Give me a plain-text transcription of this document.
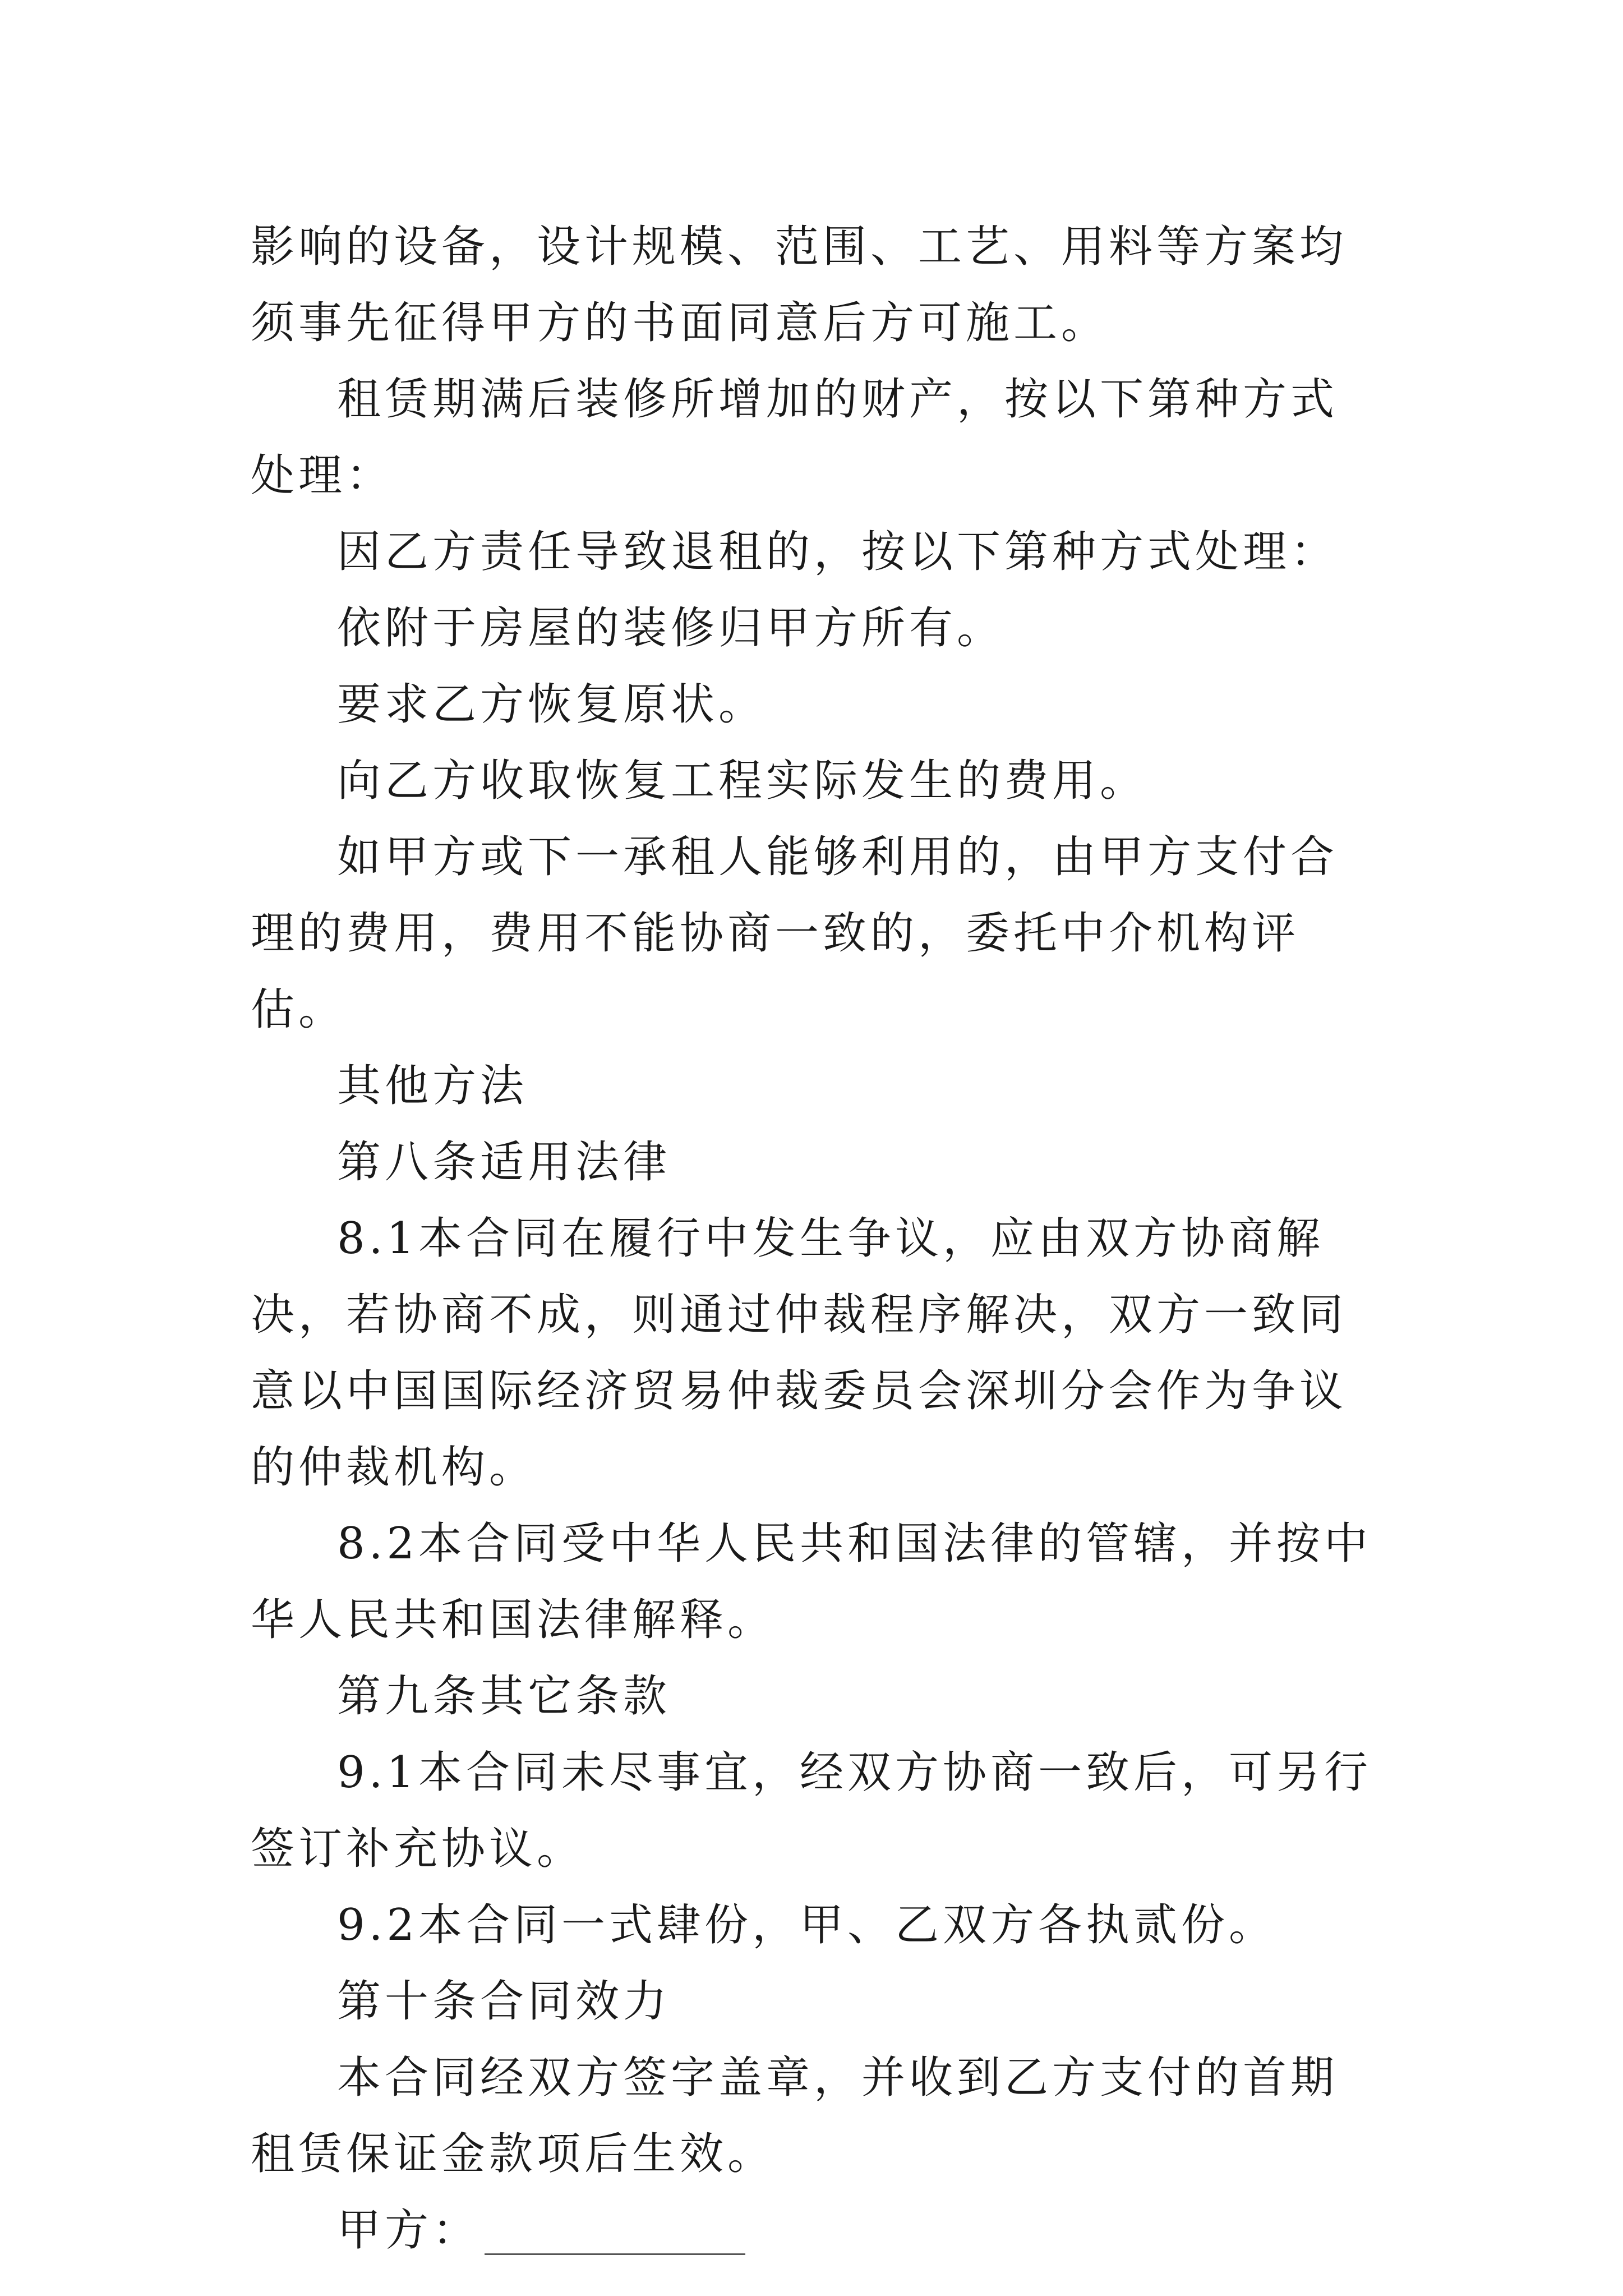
影响的设备，设计规模、范围、工艺、用料等方案均须事先征得甲方的书面同意后方可施工。

租赁期满后装修所增加的财产，按以下第种方式处理：

因乙方责任导致退租的，按以下第种方式处理：

依附于房屋的装修归甲方所有。

要求乙方恢复原状。

向乙方收取恢复工程实际发生的费用。

如甲方或下一承租人能够利用的，由甲方支付合理的费用，费用不能协商一致的，委托中介机构评估。

其他方法

第八条适用法律

8.1本合同在履行中发生争议，应由双方协商解决，若协商不成，则通过仲裁程序解决，双方一致同意以中国国际经济贸易仲裁委员会深圳分会作为争议的仲裁机构。

8.2本合同受中华人民共和国法律的管辖，并按中华人民共和国法律解释。

第九条其它条款

9.1本合同未尽事宜，经双方协商一致后，可另行签订补充协议。

9.2本合同一式肆份，甲、乙双方各执贰份。

第十条合同效力

本合同经双方签字盖章，并收到乙方支付的首期租赁保证金款项后生效。

甲方：
